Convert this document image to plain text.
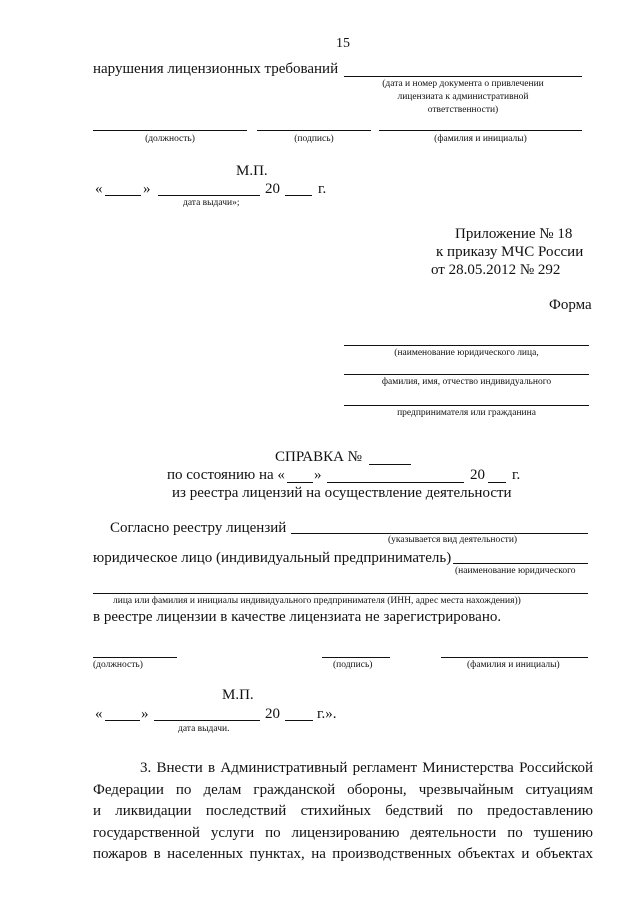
15
нарушения лицензионных требований
(дата и номер документа о привлечении
лицензиата к административной
ответственности)
(должность)	(подпись)	(фамилия и инициалы)
М.П.
«	»	20	г.
дата выдачи»;
Приложение № 18
к приказу МЧС России
от 28.05.2012 № 292
Форма
(наименование юридического лица,
фамилия, имя, отчество индивидуального
предпринимателя или гражданина
СПРАВКА №
по состоянию на « »	20 г.
из реестра лицензий на осуществление деятельности
Согласно реестру лицензий
(указывается вид деятельности)
юридическое лицо (индивидуальный предприниматель)
(наименование юридического
лица или фамилия и инициалы индивидуального предпринимателя (ИНН, адрес места нахождения))
в реестре лицензии в качестве лицензиата не зарегистрировано.
(должность)	(подпись)	(фамилия и инициалы)
М.П.
«	»	20 г.».
дата выдачи.
3. Внести в Административный регламент Министерства Российской
Федерации по делам гражданской обороны, чрезвычайным ситуациям
и ликвидации последствий стихийных бедствий по предоставлению
государственной услуги по лицензированию деятельности по тушению
пожаров в населенных пунктах, на производственных объектах и объектах
